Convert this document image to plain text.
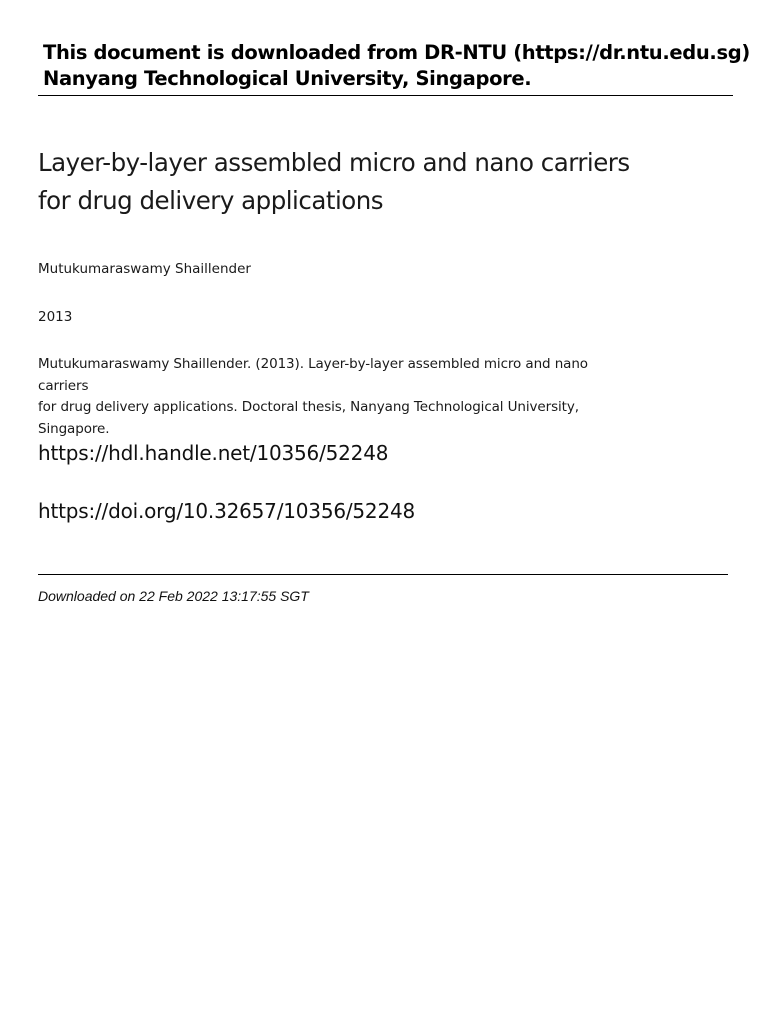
This document is downloaded from DR-NTU (https://dr.ntu.edu.sg)
Nanyang Technological University, Singapore.
Layer-by-layer assembled micro and nano carriers
for drug delivery applications
Mutukumaraswamy Shaillender
2013
Mutukumaraswamy Shaillender. (2013). Layer-by-layer assembled micro and nano carriers
for drug delivery applications. Doctoral thesis, Nanyang Technological University,
Singapore.
https://hdl.handle.net/10356/52248
https://doi.org/10.32657/10356/52248
Downloaded on 22 Feb 2022 13:17:55 SGT
